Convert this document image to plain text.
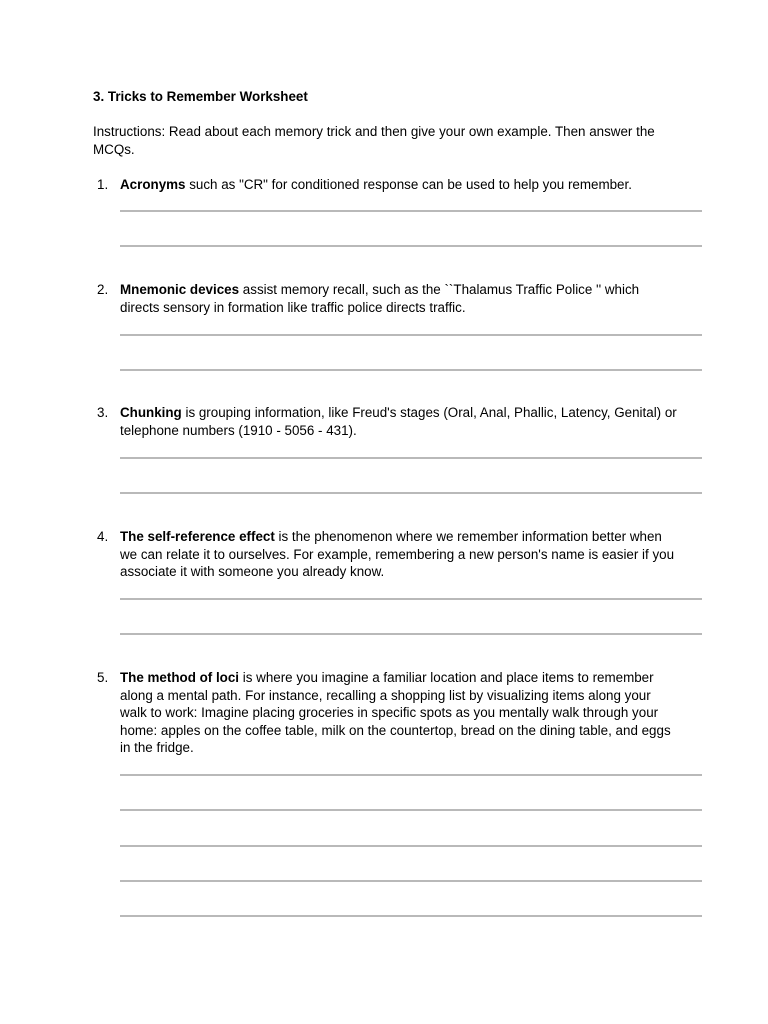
3. Tricks to Remember Worksheet
Instructions: Read about each memory trick and then give your own example. Then answer the MCQs.
1. Acronyms such as "CR" for conditioned response can be used to help you remember.
2. Mnemonic devices assist memory recall, such as the ``Thalamus Traffic Police '' which directs sensory in formation like traffic police directs traffic.
3. Chunking is grouping information, like Freud's stages (Oral, Anal, Phallic, Latency, Genital) or telephone numbers (1910 - 5056 - 431).
4. The self-reference effect is the phenomenon where we remember information better when we can relate it to ourselves. For example, remembering a new person's name is easier if you associate it with someone you already know.
5. The method of loci is where you imagine a familiar location and place items to remember along a mental path. For instance, recalling a shopping list by visualizing items along your walk to work: Imagine placing groceries in specific spots as you mentally walk through your home: apples on the coffee table, milk on the countertop, bread on the dining table, and eggs in the fridge.
